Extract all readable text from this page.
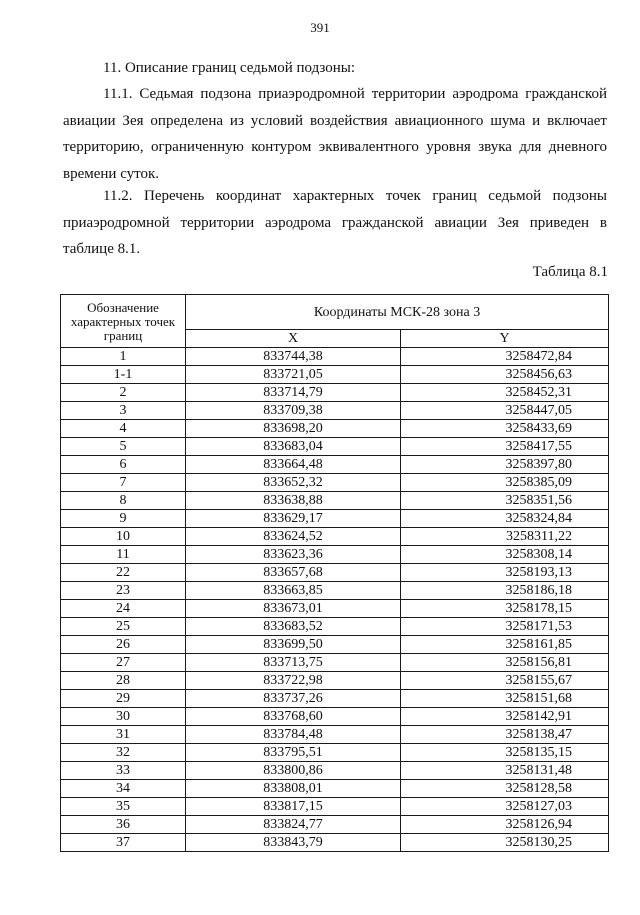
391
11. Описание границ седьмой подзоны:

11.1. Седьмая подзона приаэродромной территории аэродрома гражданской авиации Зея определена из условий воздействия авиационного шума и включает территорию, ограниченную контуром эквивалентного уровня звука для дневного времени суток.

11.2. Перечень координат характерных точек границ седьмой подзоны приаэродромной территории аэродрома гражданской авиации Зея приведен в таблице 8.1.

Таблица 8.1
Обозначение характерных точек границ	Координаты МСК-28 зона 3	
	X	Y
1	833744,38	3258472,84
1-1	833721,05	3258456,63
2	833714,79	3258452,31
3	833709,38	3258447,05
4	833698,20	3258433,69
5	833683,04	3258417,55
6	833664,48	3258397,80
7	833652,32	3258385,09
8	833638,88	3258351,56
9	833629,17	3258324,84
10	833624,52	3258311,22
11	833623,36	3258308,14
22	833657,68	3258193,13
23	833663,85	3258186,18
24	833673,01	3258178,15
25	833683,52	3258171,53
26	833699,50	3258161,85
27	833713,75	3258156,81
28	833722,98	3258155,67
29	833737,26	3258151,68
30	833768,60	3258142,91
31	833784,48	3258138,47
32	833795,51	3258135,15
33	833800,86	3258131,48
34	833808,01	3258128,58
35	833817,15	3258127,03
36	833824,77	3258126,94
37	833843,79	3258130,25
